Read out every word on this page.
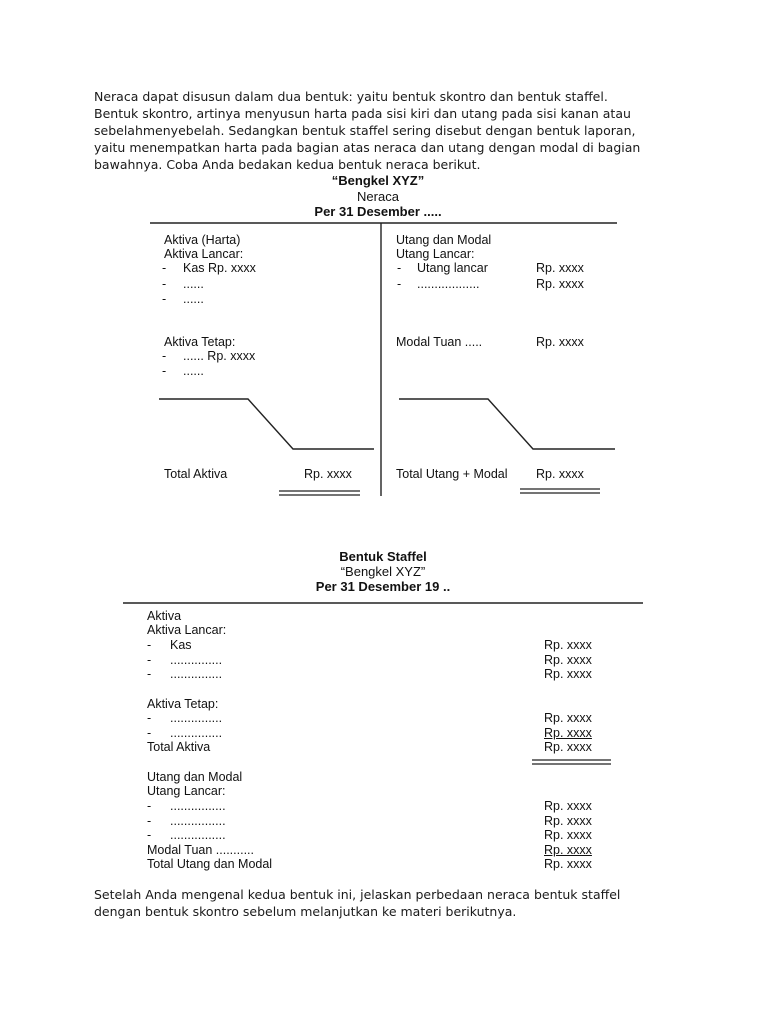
Neraca dapat disusun dalam dua bentuk: yaitu bentuk skontro dan bentuk staffel.

Bentuk skontro, artinya menyusun harta pada sisi kiri dan utang pada sisi kanan atau

sebelahmenyebelah. Sedangkan bentuk staffel sering disebut dengan bentuk laporan,

yaitu menempatkan harta pada bagian atas neraca dan utang dengan modal di bagian

bawahnya. Coba Anda bedakan kedua bentuk neraca berikut.

“Bengkel XYZ”
Neraca
Per 31 Desember .....
Aktiva (Harta)
Aktiva Lancar:
- Kas Rp. xxxx
- ......
- ......
Aktiva Tetap:
- ...... Rp. xxxx
- ......
Total Aktiva	Rp. xxxx
Utang dan Modal
Utang Lancar:
- Utang lancar	Rp. xxxx
- ..................	Rp. xxxx
Modal Tuan .....	Rp. xxxx
Total Utang + Modal Rp. xxxx
Bentuk Staffel
“Bengkel XYZ”
Per 31 Desember 19 ..
Aktiva
Aktiva Lancar:
- Kas	Rp. xxxx
- ...............	Rp. xxxx
- ...............	Rp. xxxx
Aktiva Tetap:
- ...............	Rp. xxxx
- ...............	Rp. xxxx
Total Aktiva	Rp. xxxx
Utang dan Modal
Utang Lancar:
- ................	Rp. xxxx
- ................	Rp. xxxx
- ................	Rp. xxxx
Modal Tuan ...........	Rp. xxxx
Total Utang dan Modal	Rp. xxxx

Setelah Anda mengenal kedua bentuk ini, jelaskan perbedaan neraca bentuk staffel

dengan bentuk skontro sebelum melanjutkan ke materi berikutnya.
